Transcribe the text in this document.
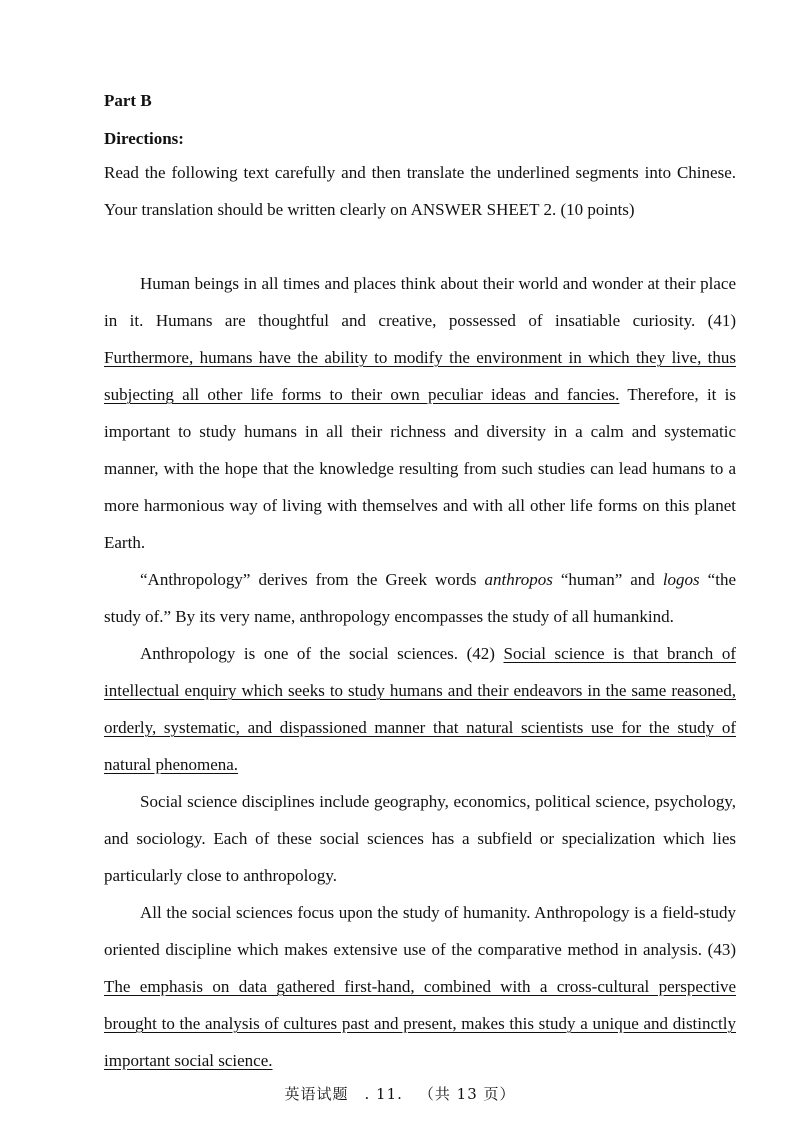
Part B
Directions:

Read the following text carefully and then translate the underlined segments into Chinese. Your translation should be written clearly on ANSWER SHEET 2. (10 points)

Human beings in all times and places think about their world and wonder at their place in it. Humans are thoughtful and creative, possessed of insatiable curiosity. (41) Furthermore, humans have the ability to modify the environment in which they live, thus subjecting all other life forms to their own peculiar ideas and fancies. Therefore, it is important to study humans in all their richness and diversity in a calm and systematic manner, with the hope that the knowledge resulting from such studies can lead humans to a more harmonious way of living with themselves and with all other life forms on this planet Earth.

“Anthropology” derives from the Greek words anthropos “human” and logos “the study of.” By its very name, anthropology encompasses the study of all humankind.

Anthropology is one of the social sciences. (42) Social science is that branch of intellectual enquiry which seeks to study humans and their endeavors in the same reasoned, orderly, systematic, and dispassioned manner that natural scientists use for the study of natural phenomena.

Social science disciplines include geography, economics, political science, psychology, and sociology. Each of these social sciences has a subfield or specialization which lies particularly close to anthropology.

All the social sciences focus upon the study of humanity. Anthropology is a field-study oriented discipline which makes extensive use of the comparative method in analysis. (43) The emphasis on data gathered first-hand, combined with a cross-cultural perspective brought to the analysis of cultures past and present, makes this study a unique and distinctly important social science.

英语试题 . 11. （共 13 页）
